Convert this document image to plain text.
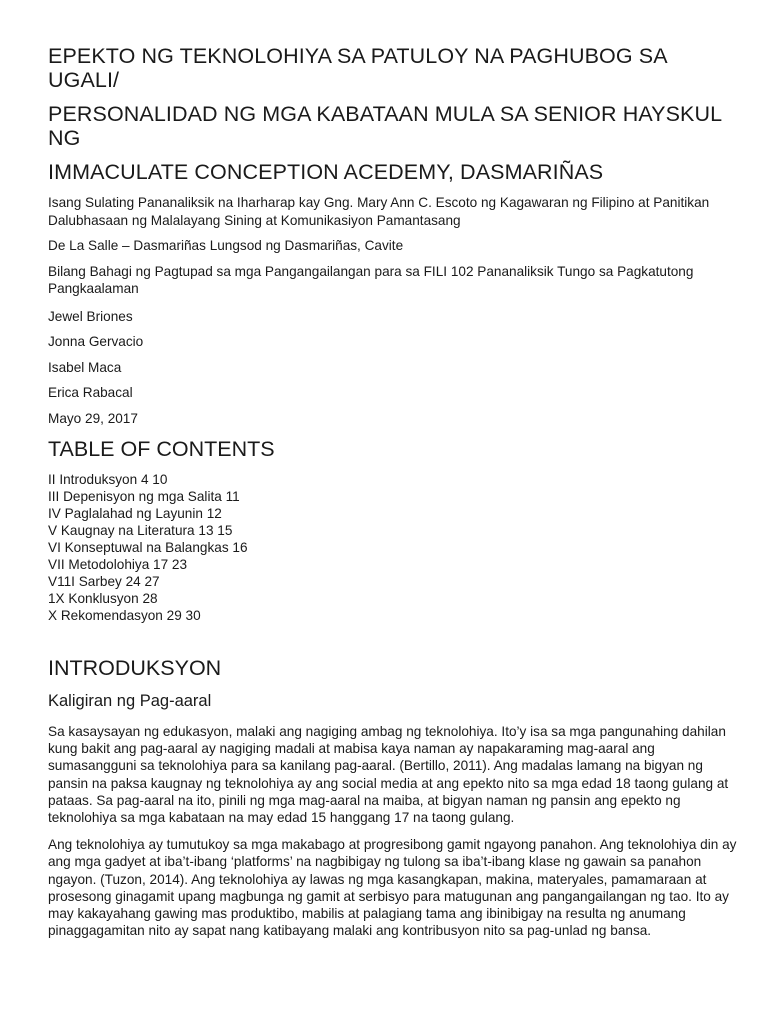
EPEKTO NG TEKNOLOHIYA SA PATULOY NA PAGHUBOG SA UGALI/
PERSONALIDAD NG MGA KABATAAN MULA SA SENIOR HAYSKUL NG
IMMACULATE CONCEPTION ACEDEMY, DASMARIÑAS

Isang Sulating Pananaliksik na Iharharap kay Gng. Mary Ann C. Escoto ng Kagawaran ng Filipino at Panitikan Dalubhasaan ng Malalayang Sining at Komunikasiyon Pamantasang

De La Salle – Dasmariñas Lungsod ng Dasmariñas, Cavite

Bilang Bahagi ng Pagtupad sa mga Pangangailangan para sa FILI 102 Pananaliksik Tungo sa Pagkatutong Pangkaalaman

Jewel Briones

Jonna Gervacio

Isabel Maca

Erica Rabacal

Mayo 29, 2017

TABLE OF CONTENTS
II Introduksyon 4 10
III Depenisyon ng mga Salita 11
IV Paglalahad ng Layunin 12
V Kaugnay na Literatura 13 15
VI Konseptuwal na Balangkas 16
VII Metodolohiya 17 23
V11I Sarbey 24 27
1X Konklusyon 28
X Rekomendasyon 29 30
INTRODUKSYON
Kaligiran ng Pag-aaral

Sa kasaysayan ng edukasyon, malaki ang nagiging ambag ng teknolohiya. Ito’y isa sa mga pangunahing dahilan kung bakit ang pag-aaral ay nagiging madali at mabisa kaya naman ay napakaraming mag-aaral ang sumasangguni sa teknolohiya para sa kanilang pag-aaral. (Bertillo, 2011). Ang madalas lamang na bigyan ng pansin na paksa kaugnay ng teknolohiya ay ang social media at ang epekto nito sa mga edad 18 taong gulang at pataas. Sa pag-aaral na ito, pinili ng mga mag-aaral na maiba, at bigyan naman ng pansin ang epekto ng teknolohiya sa mga kabataan na may edad 15 hanggang 17 na taong gulang.

Ang teknolohiya ay tumutukoy sa mga makabago at progresibong gamit ngayong panahon. Ang teknolohiya din ay ang mga gadyet at iba’t-ibang ‘platforms’ na nagbibigay ng tulong sa iba’t-ibang klase ng gawain sa panahon ngayon. (Tuzon, 2014). Ang teknolohiya ay lawas ng mga kasangkapan, makina, materyales, pamamaraan at prosesong ginagamit upang magbunga ng gamit at serbisyo para matugunan ang pangangailangan ng tao. Ito ay may kakayahang gawing mas produktibo, mabilis at palagiang tama ang ibinibigay na resulta ng anumang pinaggagamitan nito ay sapat nang katibayang malaki ang kontribusyon nito sa pag-unlad ng bansa.
